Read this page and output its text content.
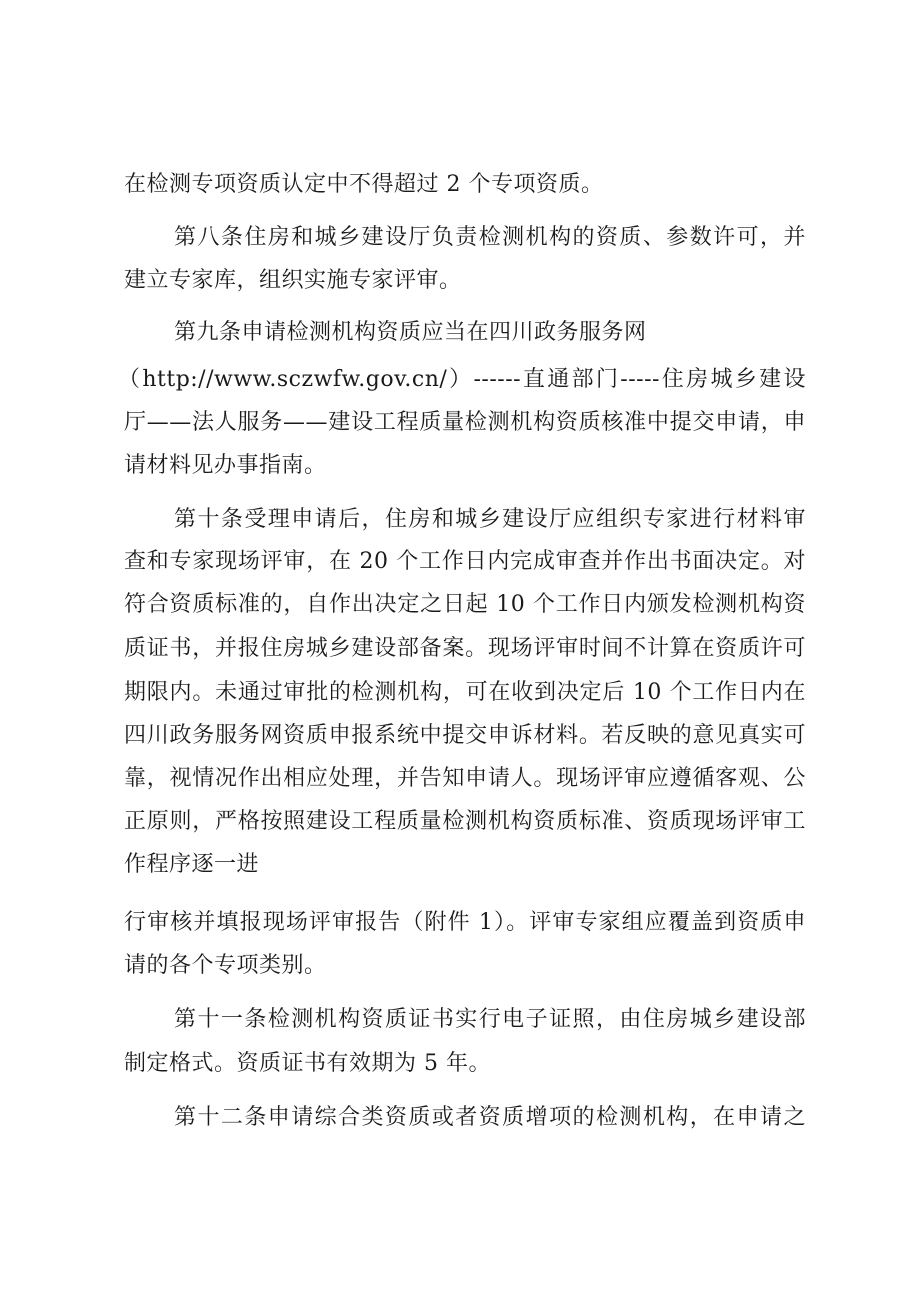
在检测专项资质认定中不得超过 2 个专项资质。
第八条住房和城乡建设厅负责检测机构的资质、参数许可，并
建立专家库，组织实施专家评审。
第九条申请检测机构资质应当在四川政务服务网
（http://www.sczwfw.gov.cn/）------直通部门-----住房城乡建设
厅——法人服务——建设工程质量检测机构资质核准中提交申请，申
请材料见办事指南。
第十条受理申请后，住房和城乡建设厅应组织专家进行材料审
查和专家现场评审，在 20 个工作日内完成审查并作出书面决定。对
符合资质标准的，自作出决定之日起 10 个工作日内颁发检测机构资
质证书，并报住房城乡建设部备案。现场评审时间不计算在资质许可
期限内。未通过审批的检测机构，可在收到决定后 10 个工作日内在
四川政务服务网资质申报系统中提交申诉材料。若反映的意见真实可
靠，视情况作出相应处理，并告知申请人。现场评审应遵循客观、公
正原则，严格按照建设工程质量检测机构资质标准、资质现场评审工
作程序逐一进
行审核并填报现场评审报告（附件 1）。评审专家组应覆盖到资质申
请的各个专项类别。
第十一条检测机构资质证书实行电子证照，由住房城乡建设部
制定格式。资质证书有效期为 5 年。
第十二条申请综合类资质或者资质增项的检测机构，在申请之
